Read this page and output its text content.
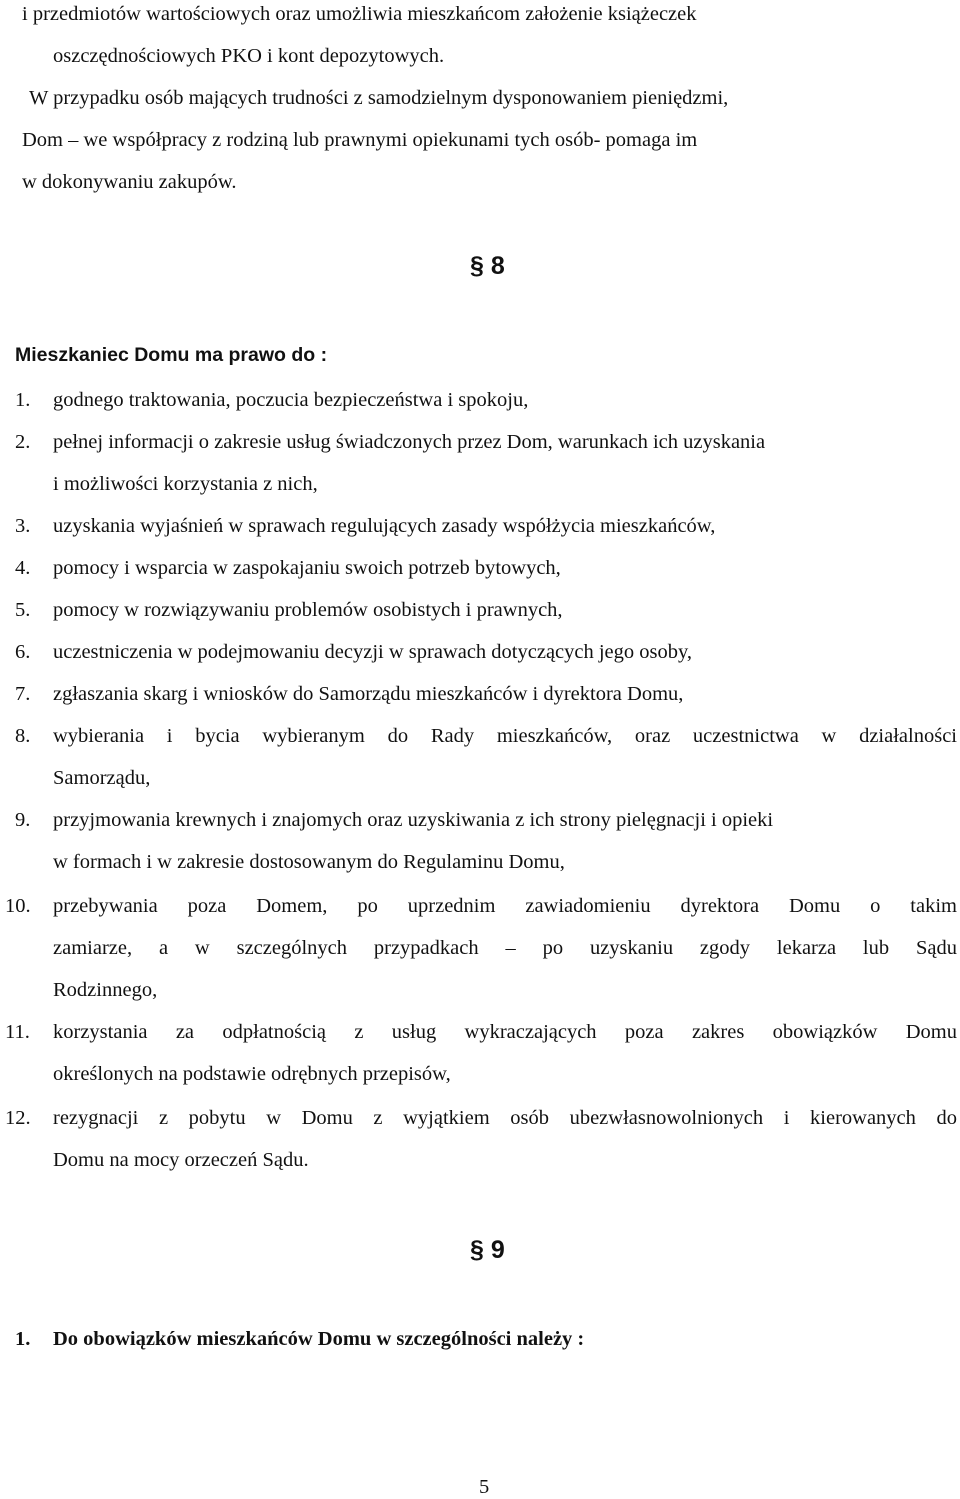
i przedmiotów wartościowych oraz umożliwia mieszkańcom założenie książeczek
oszczędnościowych PKO i kont depozytowych.
W przypadku osób mających trudności z samodzielnym dysponowaniem pieniędzmi,
Dom – we współpracy z rodziną lub prawnymi opiekunami tych osób- pomaga im
w dokonywaniu zakupów.
§ 8
Mieszkaniec Domu ma prawo do :
1. godnego traktowania, poczucia bezpieczeństwa i spokoju,
2. pełnej informacji o zakresie usług świadczonych przez Dom, warunkach ich uzyskania
i możliwości korzystania z nich,
3. uzyskania wyjaśnień w sprawach regulujących zasady współżycia mieszkańców,
4. pomocy i wsparcia w zaspokajaniu swoich potrzeb bytowych,
5. pomocy w rozwiązywaniu problemów osobistych i prawnych,
6. uczestniczenia w podejmowaniu decyzji w sprawach dotyczących jego osoby,
7. zgłaszania skarg i wniosków do Samorządu mieszkańców i dyrektora Domu,
8. wybierania i bycia wybieranym do Rady mieszkańców, oraz uczestnictwa w działalności
Samorządu,
9. przyjmowania krewnych i znajomych oraz uzyskiwania z ich strony pielęgnacji i opieki
w formach i w zakresie dostosowanym do Regulaminu Domu,
10. przebywania poza Domem, po uprzednim zawiadomieniu dyrektora Domu o takim
zamiarze, a w szczególnych przypadkach – po uzyskaniu zgody lekarza lub Sądu
Rodzinnego,
11. korzystania za odpłatnością z usług wykraczających poza zakres obowiązków Domu
określonych na podstawie odrębnych przepisów,
12. rezygnacji z pobytu w Domu z wyjątkiem osób ubezwłasnowolnionych i kierowanych do
Domu na mocy orzeczeń Sądu.
§ 9
1. Do obowiązków mieszkańców Domu w szczególności należy :
5
